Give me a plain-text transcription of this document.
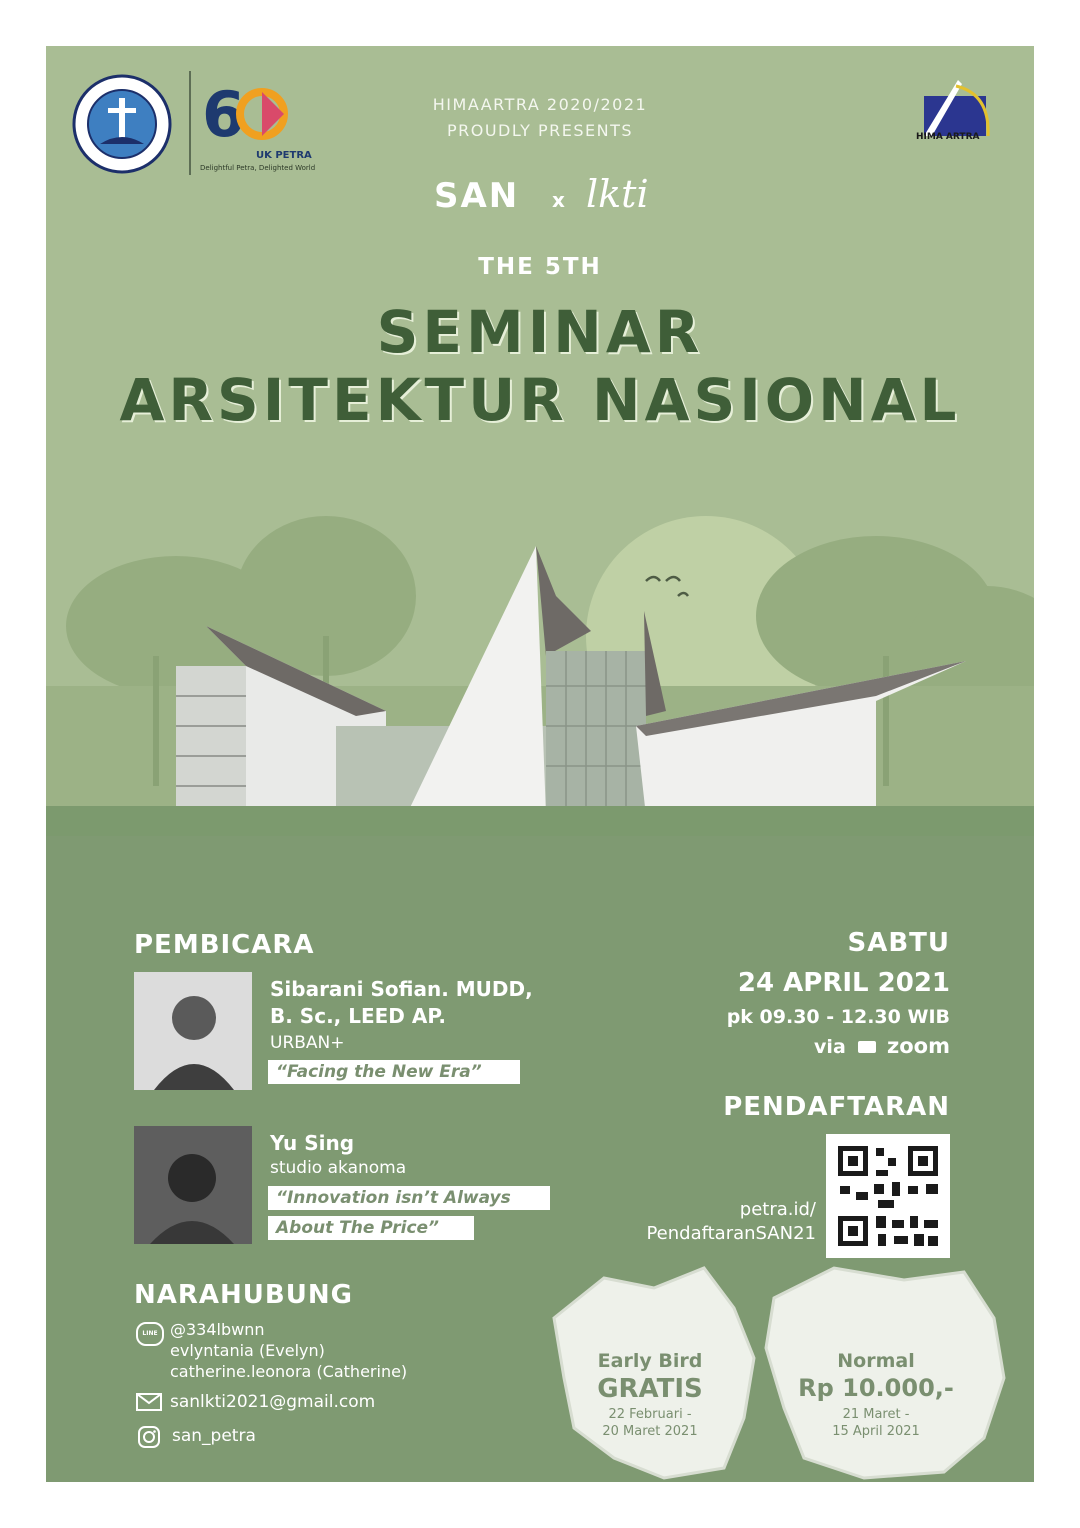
6
UK PETRA
Delightful Petra, Delighted World
HIMA ARTRA
HIMAARTRA 2020/2021
PROUDLY PRESENTS
SAN x lkti
THE 5TH
SEMINAR
ARSITEKTUR NASIONAL
PEMBICARA
Sibarani Sofian. MUDD,
B. Sc., LEED AP.
URBAN+
“Facing the New Era”
Yu Sing
studio akanoma
“Innovation isn’t Always
About The Price”
SABTU
24 APRIL 2021
pk 09.30 - 12.30 WIB
via zoom
PENDAFTARAN
petra.id/
PendaftaranSAN21
NARAHUBUNG
LINE @334lbwnn
evlyntania (Evelyn)
catherine.leonora (Catherine)
sanlkti2021@gmail.com
san_petra
Early Bird
GRATIS
22 Februari -
20 Maret 2021
Normal
Rp 10.000,-
21 Maret -
15 April 2021
